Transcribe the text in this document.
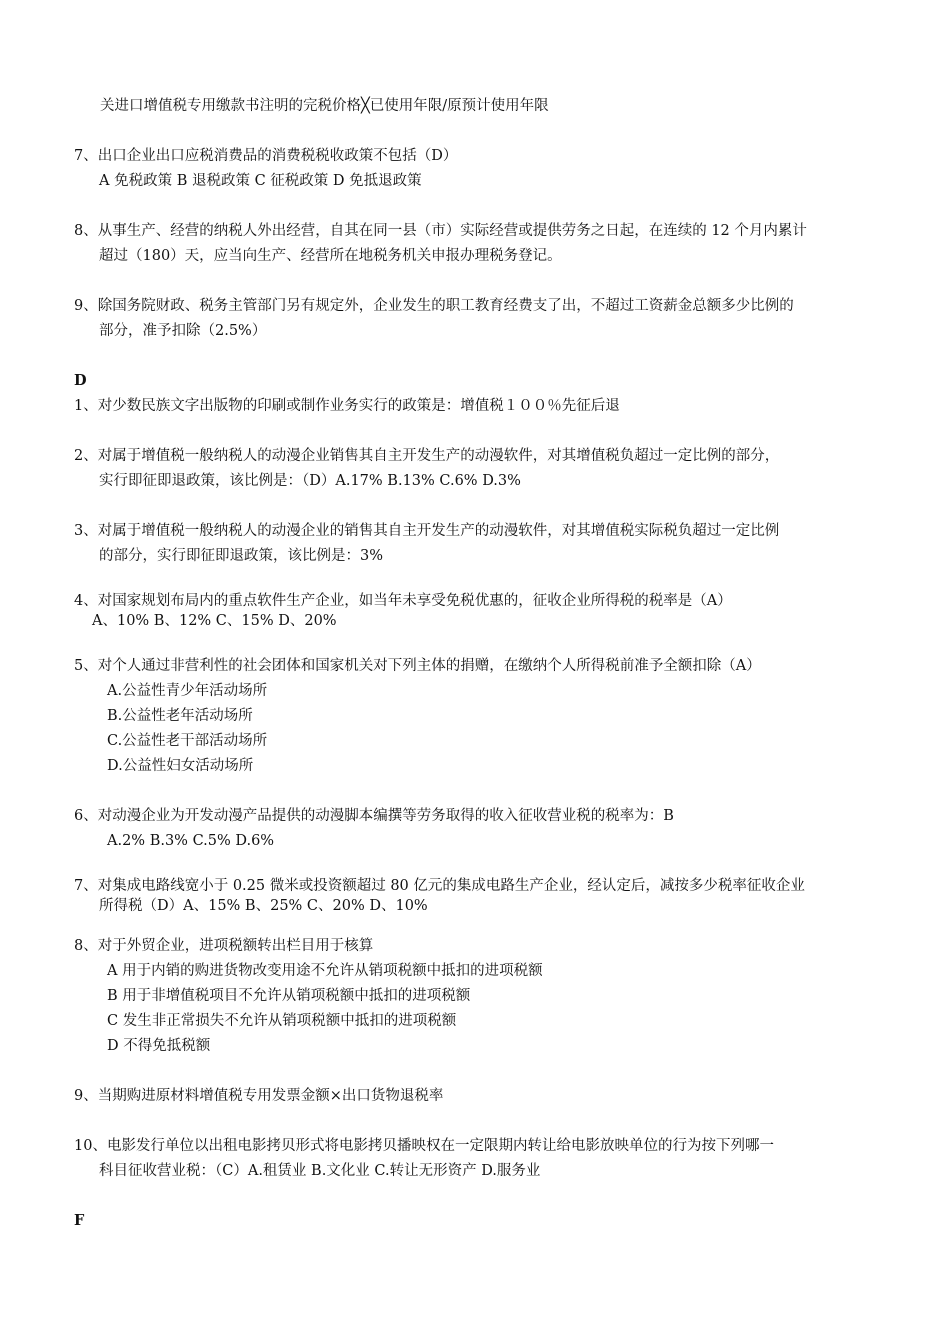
关进口增值税专用缴款书注明的完税价格╳已使用年限/原预计使用年限
7、出口企业出口应税消费品的消费税税收政策不包括（D）
A 免税政策 B 退税政策 C 征税政策 D 免抵退政策
8、从事生产、经营的纳税人外出经营，自其在同一县（市）实际经营或提供劳务之日起，在连续的 12 个月内累计
超过（180）天，应当向生产、经营所在地税务机关申报办理税务登记。
9、除国务院财政、税务主管部门另有规定外，企业发生的职工教育经费支了出，不超过工资薪金总额多少比例的
部分，准予扣除（2.5%）
D
1、对少数民族文字出版物的印刷或制作业务实行的政策是：增值税１００％先征后退
2、对属于增值税一般纳税人的动漫企业销售其自主开发生产的动漫软件，对其增值税负超过一定比例的部分，
实行即征即退政策，该比例是：（D）A.17% B.13% C.6% D.3%
3、对属于增值税一般纳税人的动漫企业的销售其自主开发生产的动漫软件，对其增值税实际税负超过一定比例
的部分，实行即征即退政策，该比例是：3%
4、对国家规划布局内的重点软件生产企业，如当年未享受免税优惠的，征收企业所得税的税率是（A）
A、10% B、12% C、15% D、20%
5、对个人通过非营利性的社会团体和国家机关对下列主体的捐赠，在缴纳个人所得税前准予全额扣除（A）
A.公益性青少年活动场所
B.公益性老年活动场所
C.公益性老干部活动场所
D.公益性妇女活动场所
6、对动漫企业为开发动漫产品提供的动漫脚本编撰等劳务取得的收入征收营业税的税率为：B
A.2% B.3% C.5% D.6%
7、对集成电路线宽小于 0.25 微米或投资额超过 80 亿元的集成电路生产企业，经认定后，减按多少税率征收企业
所得税（D）A、15% B、25% C、20% D、10%
8、对于外贸企业，进项税额转出栏目用于核算
A 用于内销的购进货物改变用途不允许从销项税额中抵扣的进项税额
B 用于非增值税项目不允许从销项税额中抵扣的进项税额
C 发生非正常损失不允许从销项税额中抵扣的进项税额
D 不得免抵税额
9、当期购进原材料增值税专用发票金额×出口货物退税率
10、电影发行单位以出租电影拷贝形式将电影拷贝播映权在一定限期内转让给电影放映单位的行为按下列哪一
科目征收营业税：（C）A.租赁业 B.文化业 C.转让无形资产 D.服务业
F
